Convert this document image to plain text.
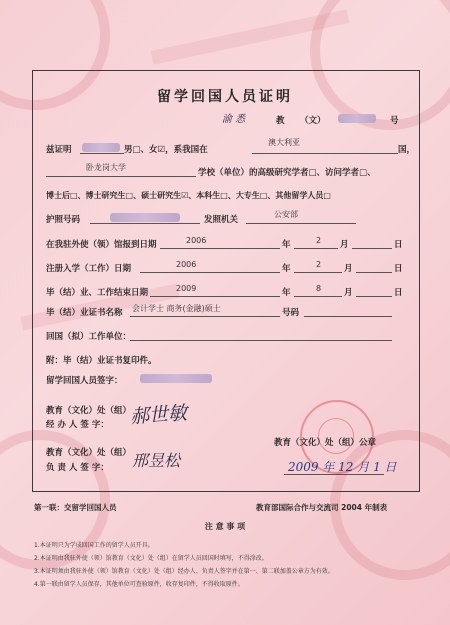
留学回国人员证明
渝 悉	教 （文）	号
兹证明	男□、女☑，系我国在
澳大利亚
国，
卧龙岗大学
学校（单位）的高级研究学者□、访问学者□、
博士后□、博士研究生□、硕士研究生☑、本科生□、大专生□、其他留学人员□
护照号码	发照机关
公安部
在我驻外使（领）馆报到日期	2006	年	2 月	日
注册入学（工作）日期	2006	年	2	月	日
毕（结）业、工作结束日期	2009	年	8	月	日
毕（结）业证书名称 会计学士 商务(金融)硕士	号码
回国（拟）工作单位：
附：毕（结）业证书复印件。
留学回国人员签字：
教育（文化）处（组）
经 办 人 签 字： 郝世敏
教育（文化）处（组）
负 责 人 签 字： 邢昱松
教育（文化）处（组）公章
2009 年 12 月 1 日
第一联：交留学回国人员	教育部国际合作与交流司 2004 年制表
注 意 事 项
1.本证明只为学成回国工作的留学人员开具。
2.本证明由我驻外使（领）馆教育（文化）处（组）在留学人员回国时填写，不得涂改。
3.本证明须由我驻外使（领）馆教育（文化）处（组）经办人、负责人签字并在第一、第二联加盖公章方为有效。
4.第一联由留学人员保存，其他单位可查验原件，收存复印件，不得收取原件。
